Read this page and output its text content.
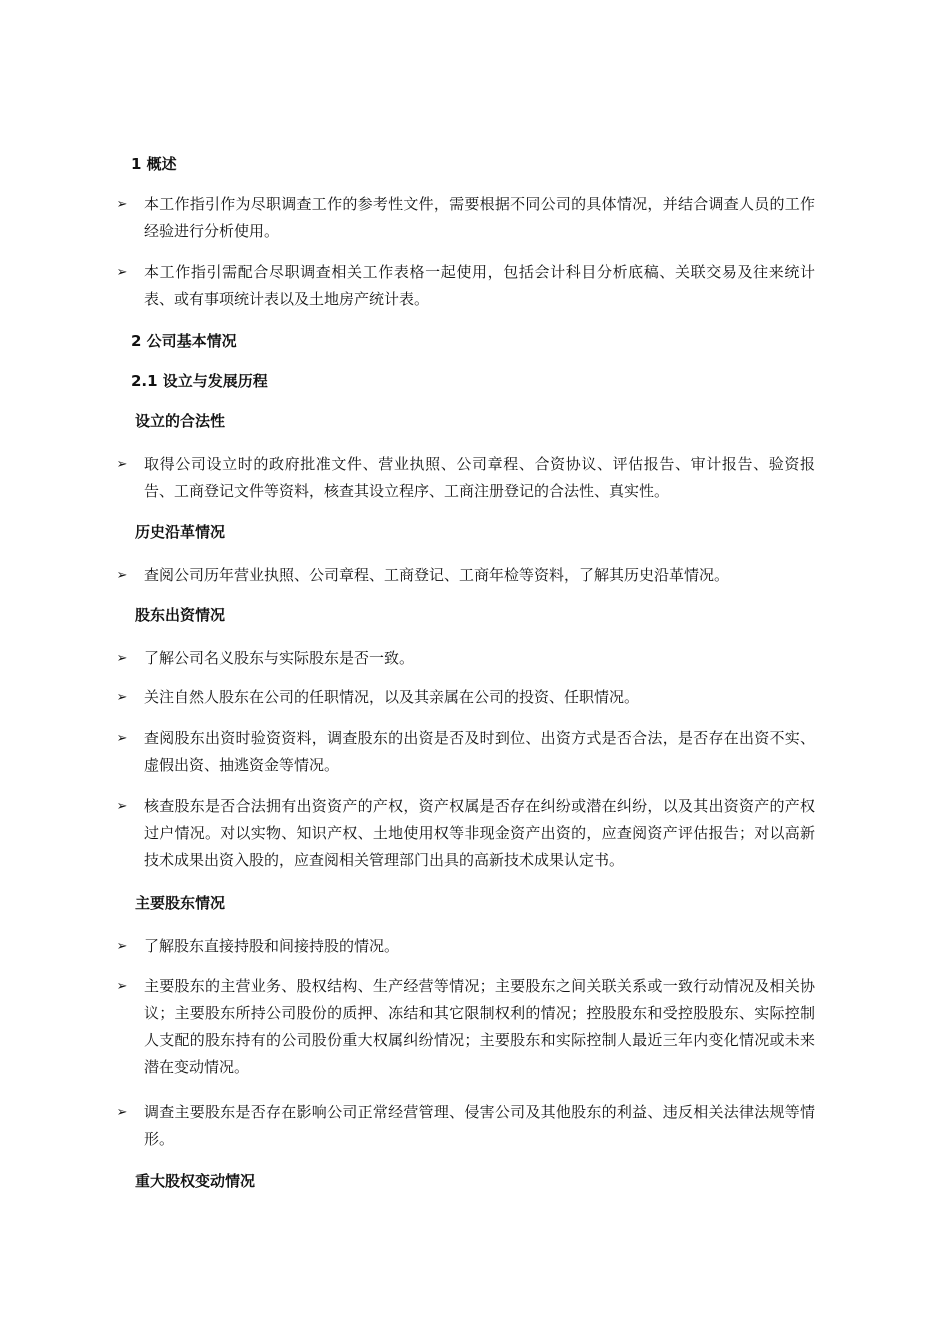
1 概述
➢ 本工作指引作为尽职调查工作的参考性文件，需要根据不同公司的具体情况，并结合调查人员的工作经验进行分析使用。
➢ 本工作指引需配合尽职调查相关工作表格一起使用，包括会计科目分析底稿、关联交易及往来统计表、或有事项统计表以及土地房产统计表。
2 公司基本情况
2.1 设立与发展历程
设立的合法性
➢ 取得公司设立时的政府批准文件、营业执照、公司章程、合资协议、评估报告、审计报告、验资报告、工商登记文件等资料，核查其设立程序、工商注册登记的合法性、真实性。
历史沿革情况
➢ 查阅公司历年营业执照、公司章程、工商登记、工商年检等资料，了解其历史沿革情况。
股东出资情况
➢ 了解公司名义股东与实际股东是否一致。
➢ 关注自然人股东在公司的任职情况，以及其亲属在公司的投资、任职情况。
➢ 查阅股东出资时验资资料，调查股东的出资是否及时到位、出资方式是否合法，是否存在出资不实、虚假出资、抽逃资金等情况。
➢ 核查股东是否合法拥有出资资产的产权，资产权属是否存在纠纷或潜在纠纷，以及其出资资产的产权过户情况。对以实物、知识产权、土地使用权等非现金资产出资的，应查阅资产评估报告；对以高新技术成果出资入股的，应查阅相关管理部门出具的高新技术成果认定书。
主要股东情况
➢ 了解股东直接持股和间接持股的情况。
➢ 主要股东的主营业务、股权结构、生产经营等情况；主要股东之间关联关系或一致行动情况及相关协议；主要股东所持公司股份的质押、冻结和其它限制权利的情况；控股股东和受控股股东、实际控制人支配的股东持有的公司股份重大权属纠纷情况；主要股东和实际控制人最近三年内变化情况或未来潜在变动情况。
➢ 调查主要股东是否存在影响公司正常经营管理、侵害公司及其他股东的利益、违反相关法律法规等情形。
重大股权变动情况
